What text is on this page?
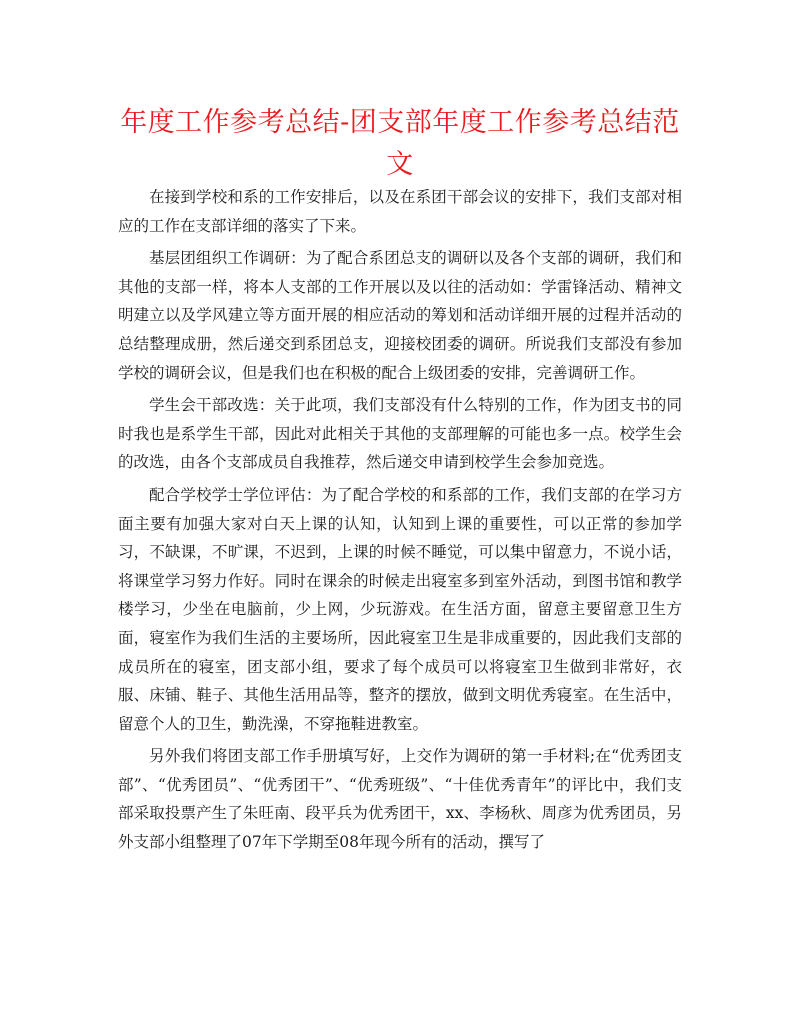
年度工作参考总结-团支部年度工作参考总结范文

在接到学校和系的工作安排后，以及在系团干部会议的安排下，我们支部对相应的工作在支部详细的落实了下来。

基层团组织工作调研：为了配合系团总支的调研以及各个支部的调研，我们和其他的支部一样，将本人支部的工作开展以及以往的活动如：学雷锋活动、精神文明建立以及学风建立等方面开展的相应活动的筹划和活动详细开展的过程并活动的总结整理成册，然后递交到系团总支，迎接校团委的调研。所说我们支部没有参加学校的调研会议，但是我们也在积极的配合上级团委的安排，完善调研工作。

学生会干部改选：关于此项，我们支部没有什么特别的工作，作为团支书的同时我也是系学生干部，因此对此相关于其他的支部理解的可能也多一点。校学生会的改选，由各个支部成员自我推荐，然后递交申请到校学生会参加竞选。

配合学校学士学位评估：为了配合学校的和系部的工作，我们支部的在学习方面主要有加强大家对白天上课的认知，认知到上课的重要性，可以正常的参加学习，不缺课，不旷课，不迟到，上课的时候不睡觉，可以集中留意力，不说小话，将课堂学习努力作好。同时在课余的时候走出寝室多到室外活动，到图书馆和教学楼学习，少坐在电脑前，少上网，少玩游戏。在生活方面，留意主要留意卫生方面，寝室作为我们生活的主要场所，因此寝室卫生是非成重要的，因此我们支部的成员所在的寝室，团支部小组，要求了每个成员可以将寝室卫生做到非常好，衣服、床铺、鞋子、其他生活用品等，整齐的摆放，做到文明优秀寝室。在生活中，留意个人的卫生，勤洗澡，不穿拖鞋进教室。

另外我们将团支部工作手册填写好，上交作为调研的第一手材料;在“优秀团支部”、“优秀团员”、“优秀团干”、“优秀班级”、“十佳优秀青年”的评比中，我们支部采取投票产生了朱旺南、段平兵为优秀团干，xx、李杨秋、周彦为优秀团员，另外支部小组整理了07年下学期至08年现今所有的活动，撰写了
